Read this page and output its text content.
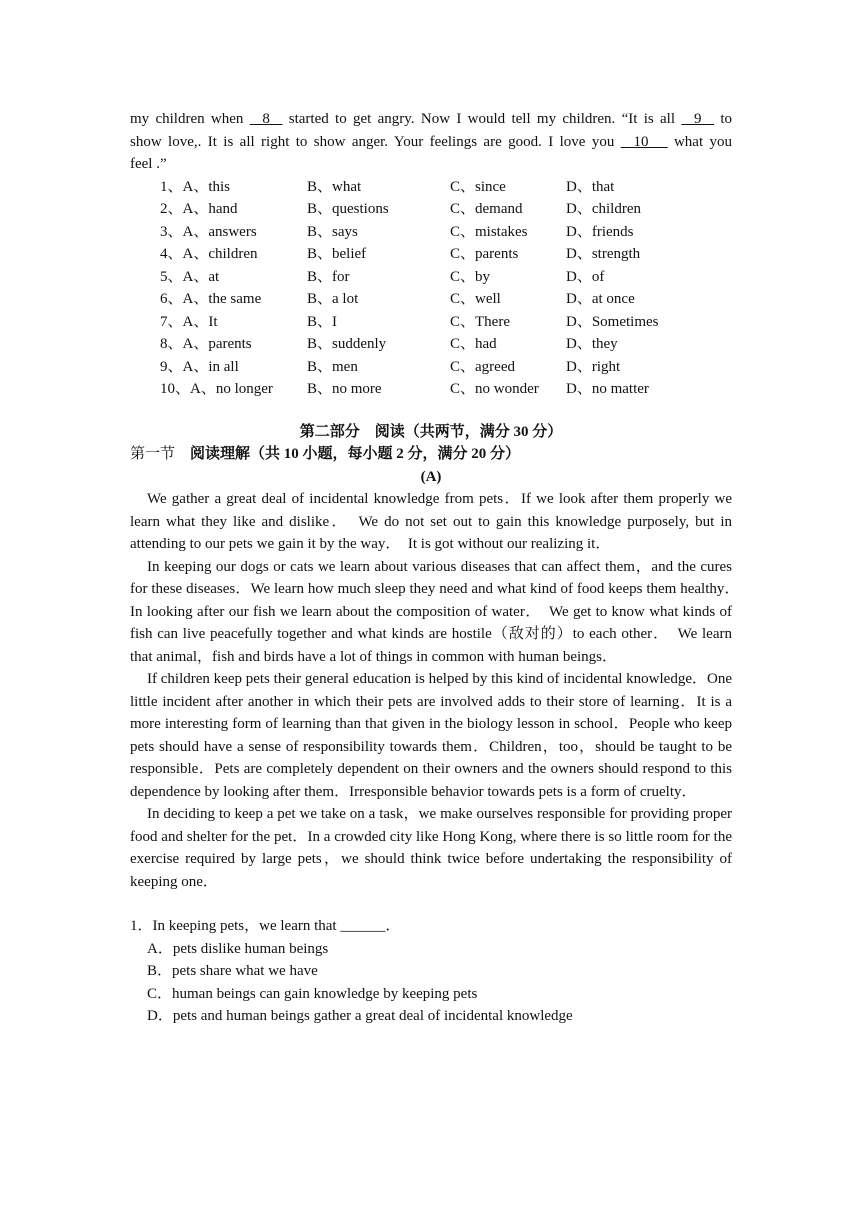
my children when 8 started to get angry. Now I would tell my children. “It is all 9 to
show love,. It is all right to show anger. Your feelings are good. I love you 10 what you
feel .”
1、A、this	B、what	C、since	D、that
2、A、hand	B、questions	C、demand	D、children
3、A、answers	B、says	C、mistakes	D、friends
4、A、children	B、belief	C、parents	D、strength
5、A、at	B、for	C、by	D、of
6、A、the same	B、a lot	C、well	D、at once
7、A、It	B、I	C、There	D、Sometimes
8、A、parents	B、suddenly	C、had	D、they
9、A、in all	B、men	C、agreed	D、right
10、A、no longer B、no more	C、no wonder D、no matter
第二部分　阅读（共两节，满分 30 分）
第一节 阅读理解（共 10 小题，每小题 2 分，满分 20 分）
(A)

We gather a great deal of incidental knowledge from pets．If we look after them properly we learn what they like and dislike．　We do not set out to gain this knowledge purposely, but in attending to our pets we gain it by the way．　It is got without our realizing it．

In keeping our dogs or cats we learn about various diseases that can affect them，and the cures for these diseases．We learn how much sleep they need and what kind of food keeps them healthy．　In looking after our fish we learn about the composition of water．　We get to know what kinds of fish can live peacefully together and what kinds are hostile（敌对的）to each other．　We learn that animal，fish and birds have a lot of things in common with human beings．

If children keep pets their general education is helped by this kind of incidental knowledge．One little incident after another in which their pets are involved adds to their store of learning．It is a more interesting form of learning than that given in the biology lesson in school．People who keep pets should have a sense of responsibility towards them．Children，too，should be taught to be responsible．Pets are completely dependent on their owners and the owners should respond to this dependence by looking after them．Irresponsible behavior towards pets is a form of cruelty．

In deciding to keep a pet we take on a task，we make ourselves responsible for providing proper food and shelter for the pet．In a crowded city like Hong Kong, where there is so little room for the exercise required by large pets，we should think twice before undertaking the responsibility of keeping one．

1．In keeping pets，we learn that ______．
A．pets dislike human beings
B．pets share what we have
C．human beings can gain knowledge by keeping pets
D．pets and human beings gather a great deal of incidental knowledge
